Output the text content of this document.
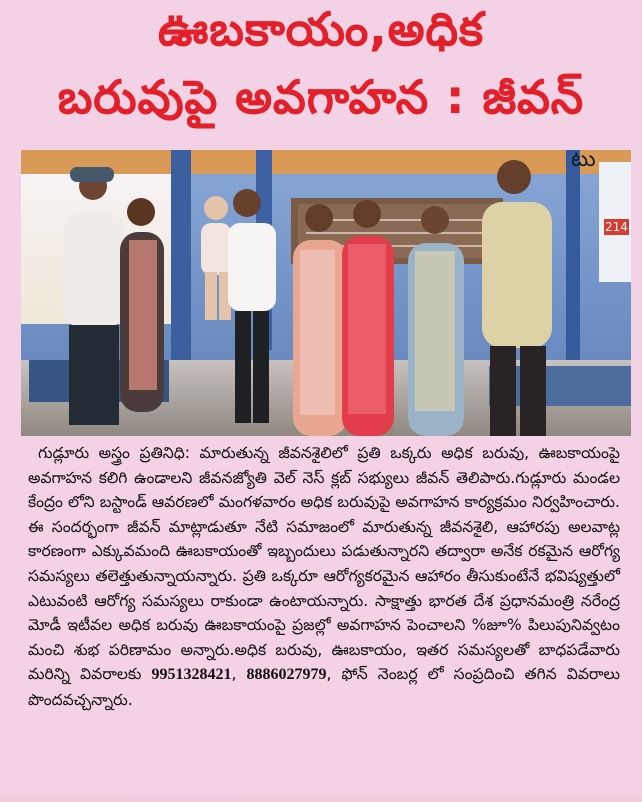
ఊబకాయం,అధిక
బరువుపై అవగాహన : జీవన్
214
టు

గుడ్లూరు అస్త్రం ప్రతినిధి: మారుతున్న జీవనశైలిలో ప్రతి ఒక్కరు అధిక బరువు, ఊబకాయంపై అవగాహన కలిగి ఉండాలని జీవనజ్యోతి వెల్ నెస్ క్లబ్ సభ్యులు జీవన్ తెలిపారు.గుడ్లూరు మండల కేంద్రం లోని బస్టాండ్ ఆవరణలో మంగళవారం అధిక బరువుపై అవగాహన కార్యక్రమం నిర్వహించారు. ఈ సందర్భంగా జీవన్ మాట్లాడుతూ నేటి సమాజంలో మారుతున్న జీవనశైలి, ఆహారపు అలవాట్ల కారణంగా ఎక్కువమంది ఊబకాయంతో ఇబ్బందులు పడుతున్నారని తద్వారా అనేక రకమైన ఆరోగ్య సమస్యలు తలెత్తుతున్నాయన్నారు. ప్రతి ఒక్కరూ ఆరోగ్యకరమైన ఆహారం తీసుకుంటేనే భవిష్యత్తులో ఎటువంటి ఆరోగ్య సమస్యలు రాకుండా ఉంటాయన్నారు. సాక్షాత్తు భారత దేశ ప్రధానమంత్రి నరేంద్ర మోడీ ఇటీవల అధిక బరువు ఊబకాయంపై ప్రజల్లో అవగాహన పెంచాలని %జూ% పిలుపునివ్వటం మంచి శుభ పరిణామం అన్నారు.అధిక బరువు, ఊబకాయం, ఇతర సమస్యలతో బాధపడేవారు మరిన్ని వివరాలకు 9951328421, 8886027979, ఫోన్ నెంబర్ల లో సంప్రదించి తగిన వివరాలు పొందవచ్చన్నారు.
